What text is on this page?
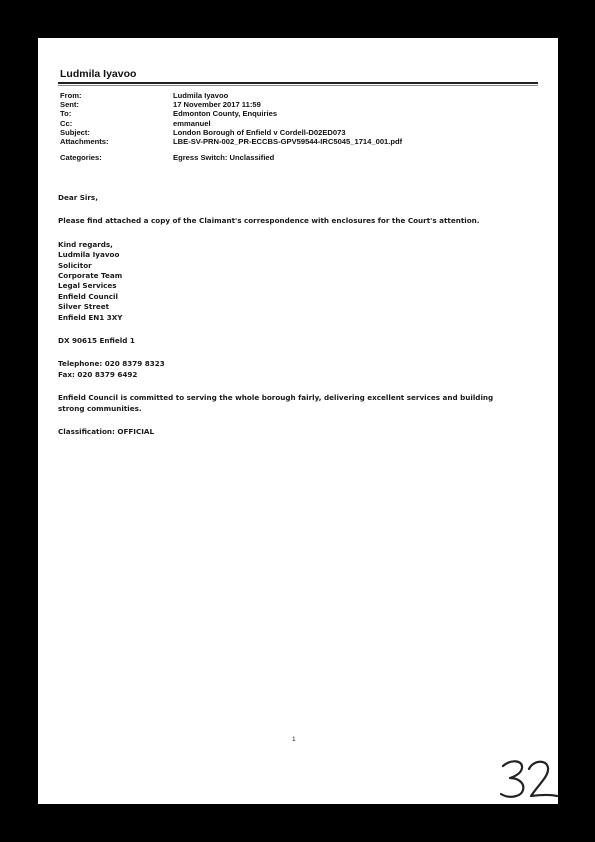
Ludmila Iyavoo
From:	Ludmila Iyavoo
Sent:	17 November 2017 11:59
To:	Edmonton County, Enquiries
Cc:	emmanuel
Subject:	London Borough of Enfield v Cordell-D02ED073
Attachments:	LBE-SV-PRN-002_PR-ECCBS-GPV59544-IRC5045_1714_001.pdf
Categories:	Egress Switch: Unclassified

Dear Sirs,

Please find attached a copy of the Claimant's correspondence with enclosures for the Court's attention.

Kind regards,
Ludmila Iyavoo
Solicitor
Corporate Team
Legal Services
Enfield Council
Silver Street
Enfield EN1 3XY
DX 90615 Enfield 1
Telephone: 020 8379 8323
Fax: 020 8379 6492
Enfield Council is committed to serving the whole borough fairly, delivering excellent services and building
strong communities.
Classification: OFFICIAL
1
